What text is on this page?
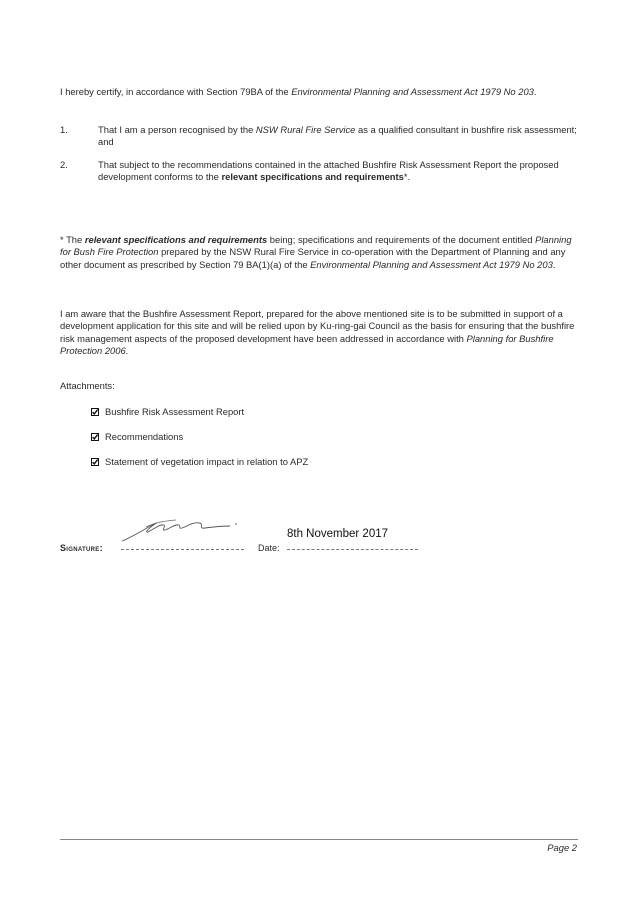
I hereby certify, in accordance with Section 79BA of the Environmental Planning and Assessment Act 1979 No 203.
1.	That I am a person recognised by the NSW Rural Fire Service as a qualified consultant in bushfire risk assessment; and
2.	That subject to the recommendations contained in the attached Bushfire Risk Assessment Report the proposed development conforms to the relevant specifications and requirements*.
* The relevant specifications and requirements being; specifications and requirements of the document entitled Planning for Bush Fire Protection prepared by the NSW Rural Fire Service in co-operation with the Department of Planning and any other document as prescribed by Section 79 BA(1)(a) of the Environmental Planning and Assessment Act 1979 No 203.
I am aware that the Bushfire Assessment Report, prepared for the above mentioned site is to be submitted in support of a development application for this site and will be relied upon by Ku-ring-gai Council as the basis for ensuring that the bushfire risk management aspects of the proposed development have been addressed in accordance with Planning for Bushfire Protection 2006.
Attachments:
Bushfire Risk Assessment Report
Recommendations
Statement of vegetation impact in relation to APZ
Signature:
8th November 2017
Date:
Page 2
